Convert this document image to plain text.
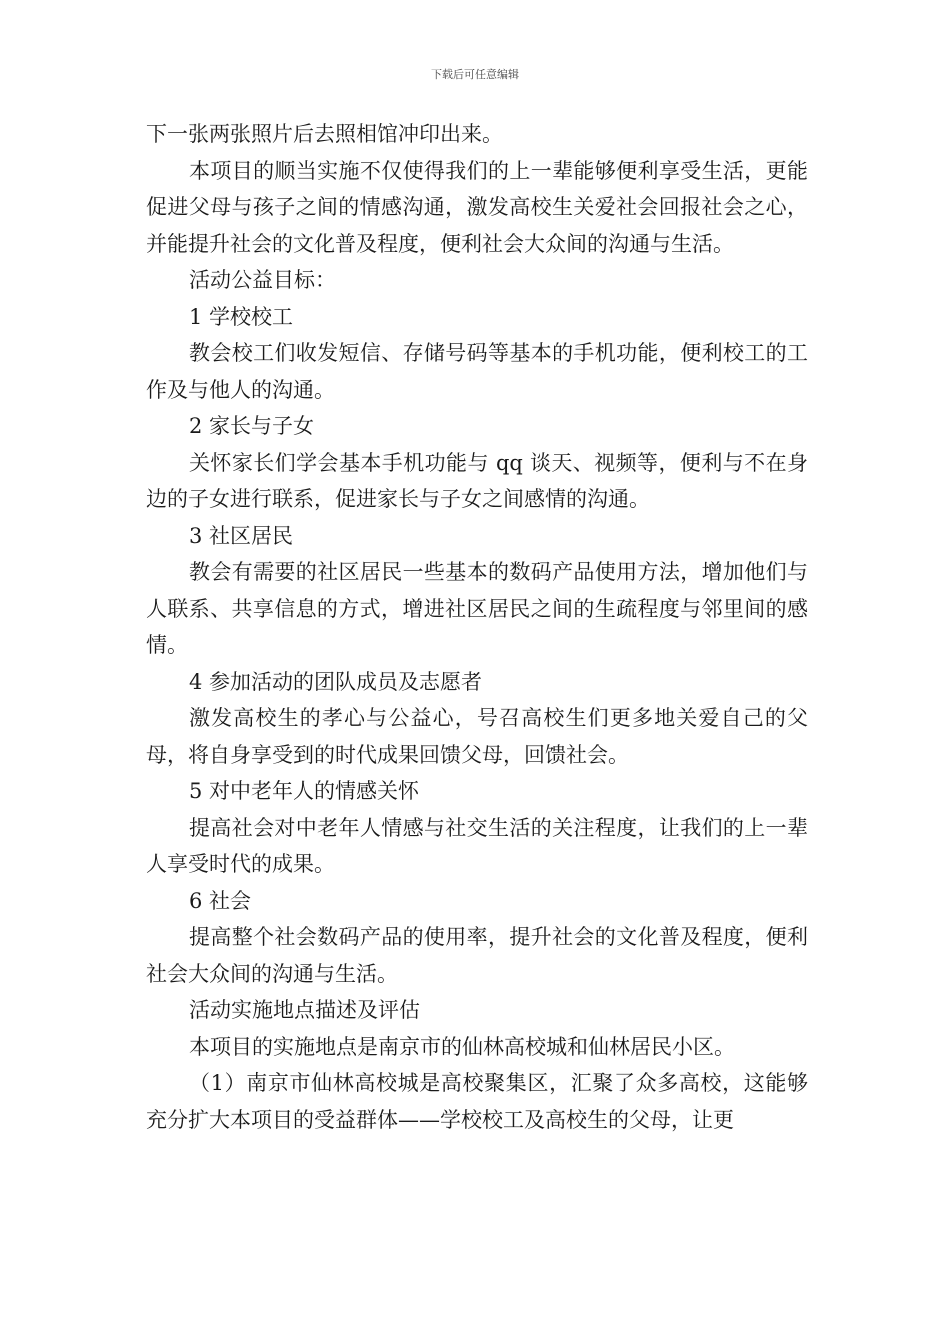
下载后可任意编辑

下一张两张照片后去照相馆冲印出来。

本项目的顺当实施不仅使得我们的上一辈能够便利享受生活，更能促进父母与孩子之间的情感沟通，激发高校生关爱社会回报社会之心，并能提升社会的文化普及程度，便利社会大众间的沟通与生活。

活动公益目标：

1 学校校工

教会校工们收发短信、存储号码等基本的手机功能，便利校工的工作及与他人的沟通。

2 家长与子女

关怀家长们学会基本手机功能与 qq 谈天、视频等，便利与不在身边的子女进行联系，促进家长与子女之间感情的沟通。

3 社区居民

教会有需要的社区居民一些基本的数码产品使用方法，增加他们与人联系、共享信息的方式，增进社区居民之间的生疏程度与邻里间的感情。

4 参加活动的团队成员及志愿者

激发高校生的孝心与公益心，号召高校生们更多地关爱自己的父母，将自身享受到的时代成果回馈父母，回馈社会。

5 对中老年人的情感关怀

提高社会对中老年人情感与社交生活的关注程度，让我们的上一辈人享受时代的成果。

6 社会

提高整个社会数码产品的使用率，提升社会的文化普及程度，便利社会大众间的沟通与生活。

活动实施地点描述及评估

本项目的实施地点是南京市的仙林高校城和仙林居民小区。

（1）南京市仙林高校城是高校聚集区，汇聚了众多高校，这能够充分扩大本项目的受益群体——学校校工及高校生的父母，让更
